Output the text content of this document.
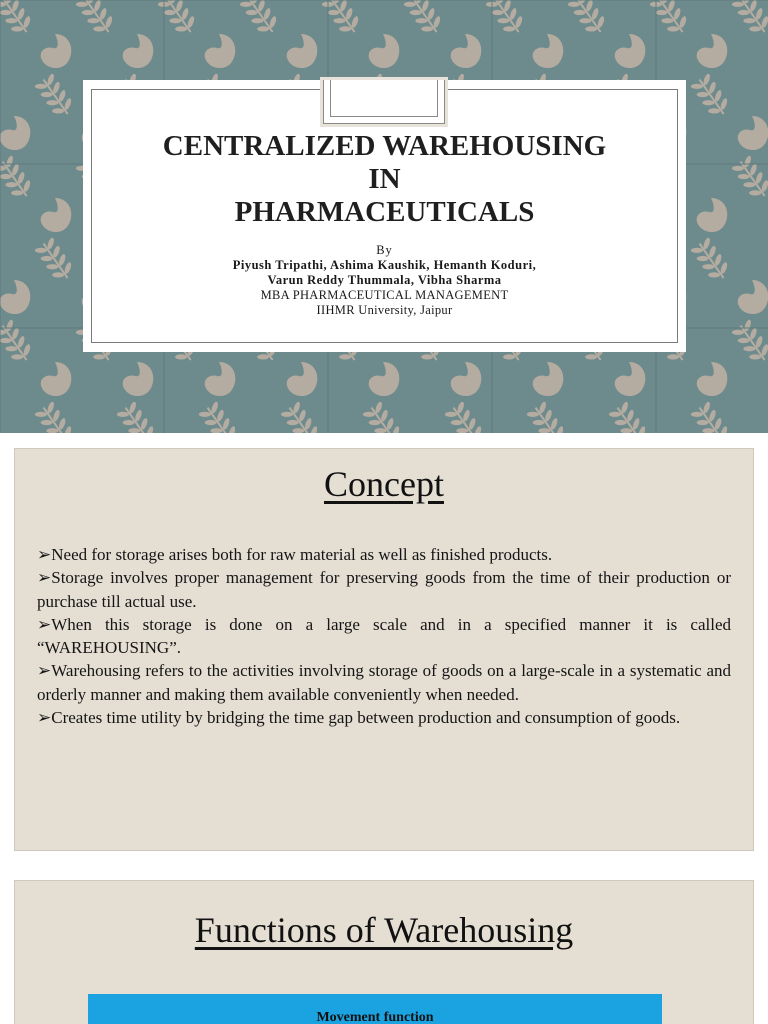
CENTRALIZED WAREHOUSING
IN
PHARMACEUTICALS
By
Piyush Tripathi, Ashima Kaushik, Hemanth Koduri,
Varun Reddy Thummala, Vibha Sharma
MBA PHARMACEUTICAL MANAGEMENT
IIHMR University, Jaipur
Concept

➢Need for storage arises both for raw material as well as finished products.

➢Storage involves proper management for preserving goods from the time of their production or purchase till actual use.

➢When this storage is done on a large scale and in a specified manner it is called “WAREHOUSING”.

➢Warehousing refers to the activities involving storage of goods on a large-scale in a systematic and orderly manner and making them available conveniently when needed.

➢Creates time utility by bridging the time gap between production and consumption of goods.

Functions of Warehousing
Movement function
